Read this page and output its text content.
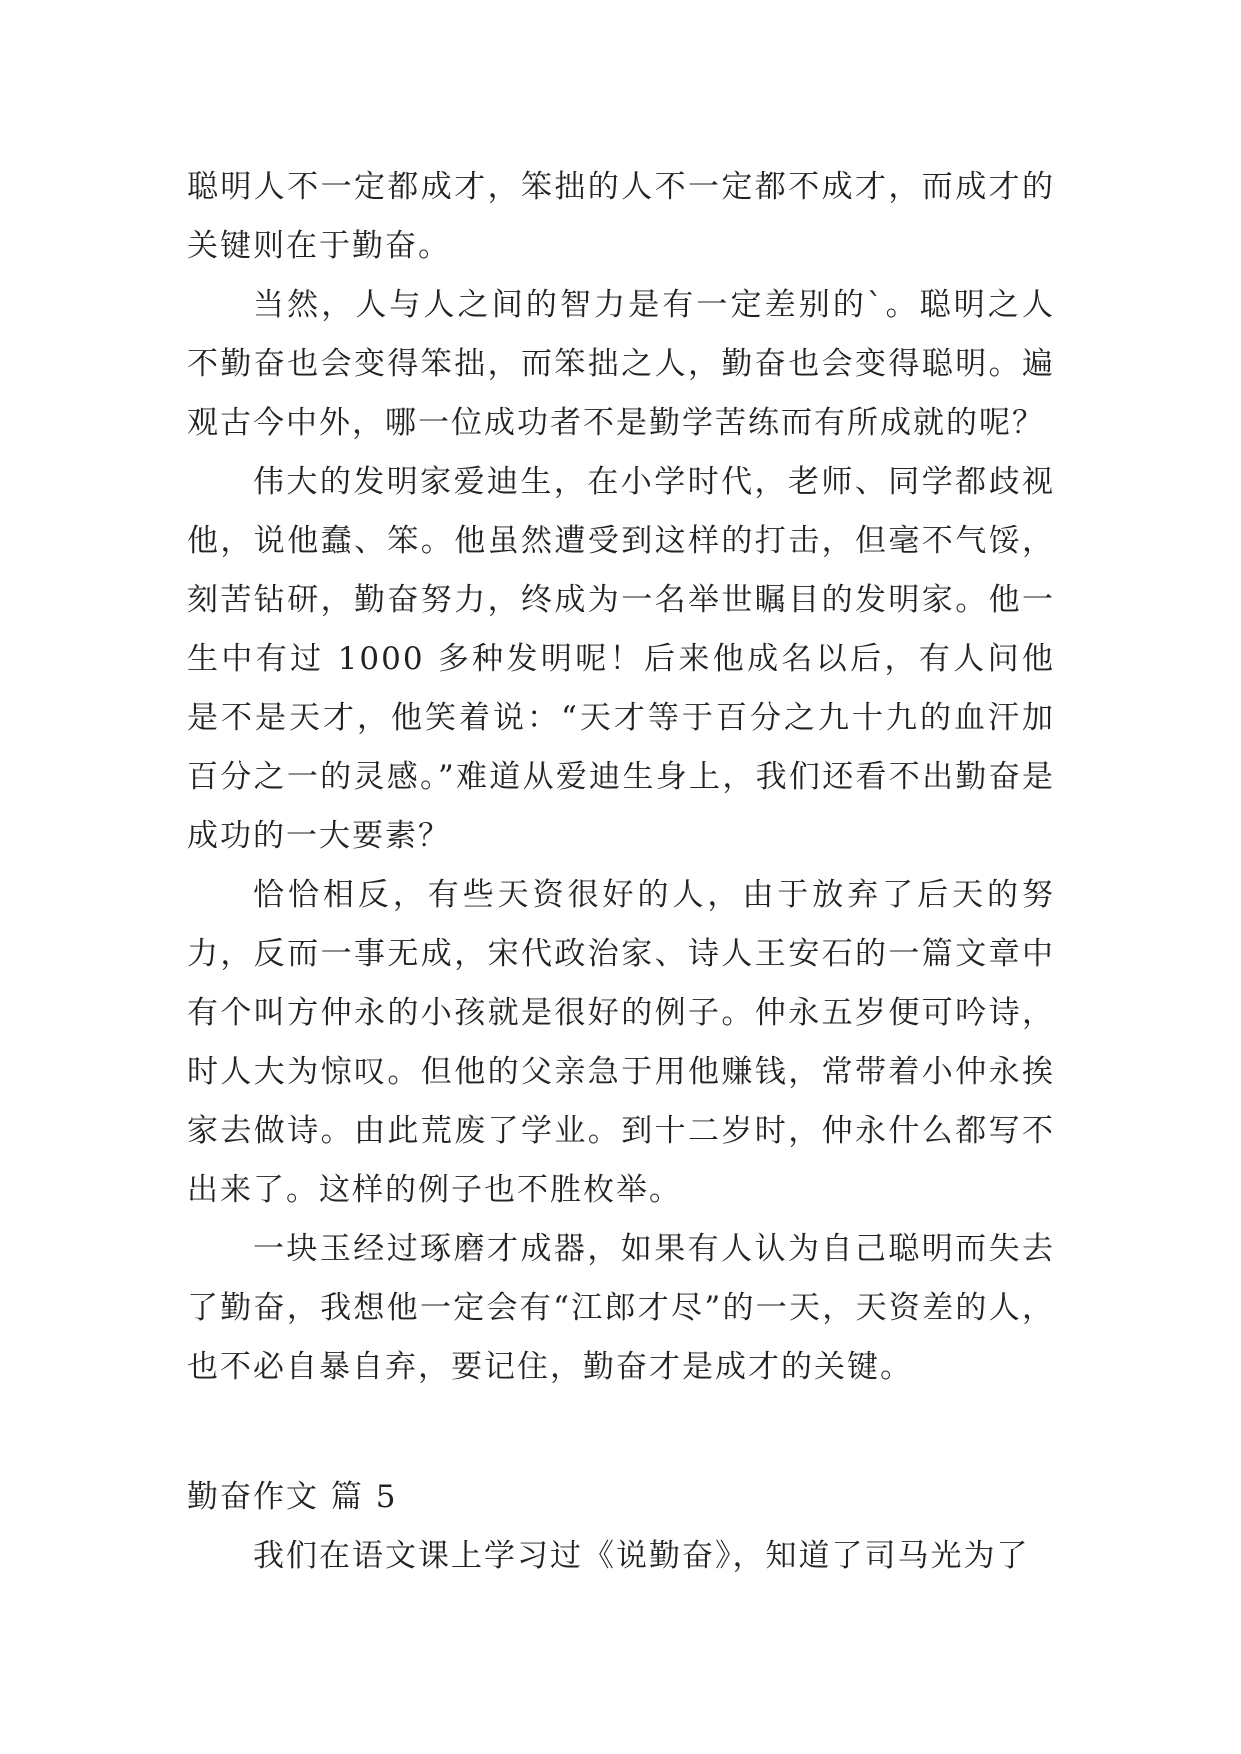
聪明人不一定都成才，笨拙的人不一定都不成才，而成才的关键则在于勤奋。

当然，人与人之间的智力是有一定差别的`。聪明之人不勤奋也会变得笨拙，而笨拙之人，勤奋也会变得聪明。遍观古今中外，哪一位成功者不是勤学苦练而有所成就的呢？

伟大的发明家爱迪生，在小学时代，老师、同学都歧视他，说他蠢、笨。他虽然遭受到这样的打击，但毫不气馁，刻苦钻研，勤奋努力，终成为一名举世瞩目的发明家。他一生中有过 1000 多种发明呢！后来他成名以后，有人问他是不是天才，他笑着说：“天才等于百分之九十九的血汗加百分之一的灵感。”难道从爱迪生身上，我们还看不出勤奋是成功的一大要素？

恰恰相反，有些天资很好的人，由于放弃了后天的努力，反而一事无成，宋代政治家、诗人王安石的一篇文章中有个叫方仲永的小孩就是很好的例子。仲永五岁便可吟诗，时人大为惊叹。但他的父亲急于用他赚钱，常带着小仲永挨家去做诗。由此荒废了学业。到十二岁时，仲永什么都写不出来了。这样的例子也不胜枚举。

一块玉经过琢磨才成器，如果有人认为自己聪明而失去了勤奋，我想他一定会有“江郎才尽”的一天，天资差的人，也不必自暴自弃，要记住，勤奋才是成才的关键。

勤奋作文 篇 5

我们在语文课上学习过《说勤奋》，知道了司马光为了
